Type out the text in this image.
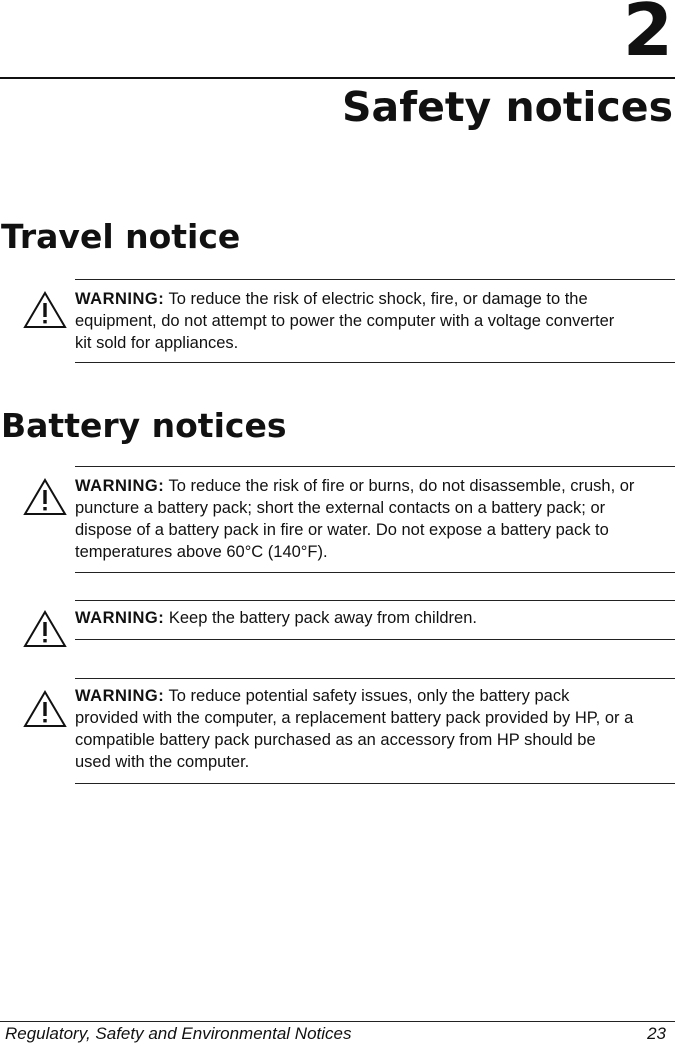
2
Safety notices
Travel notice
WARNING: To reduce the risk of electric shock, fire, or damage to the equipment, do not attempt to power the computer with a voltage converter kit sold for appliances.
Battery notices
WARNING: To reduce the risk of fire or burns, do not disassemble, crush, or puncture a battery pack; short the external contacts on a battery pack; or dispose of a battery pack in fire or water. Do not expose a battery pack to temperatures above 60°C (140°F).
WARNING: Keep the battery pack away from children.
WARNING: To reduce potential safety issues, only the battery pack provided with the computer, a replacement battery pack provided by HP, or a compatible battery pack purchased as an accessory from HP should be used with the computer.
Regulatory, Safety and Environmental Notices	23
